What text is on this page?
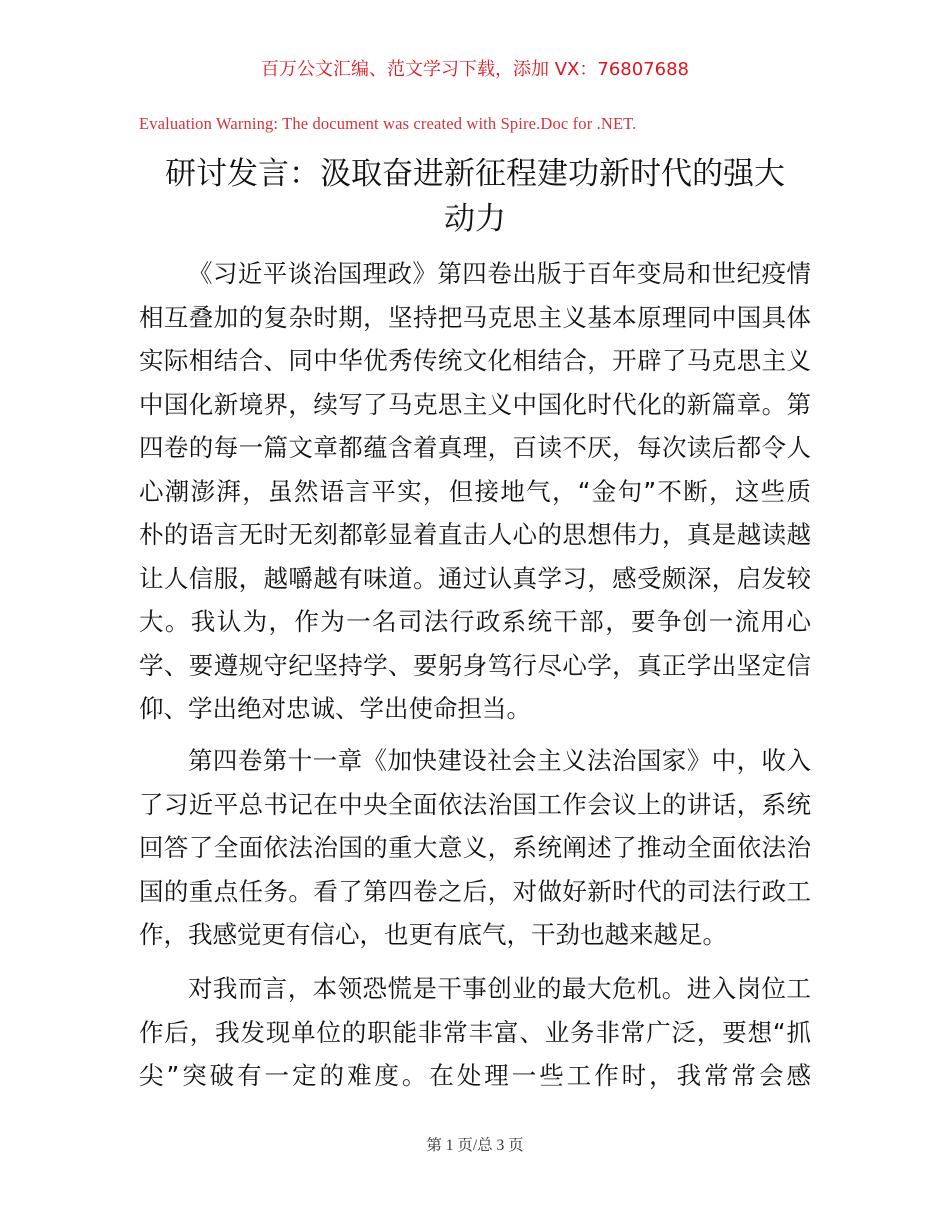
百万公文汇编、范文学习下载，添加 VX：76807688
Evaluation Warning: The document was created with Spire.Doc for .NET.
研讨发言：汲取奋进新征程建功新时代的强大
动力
《习近平谈治国理政》第四卷出版于百年变局和世纪疫情
相互叠加的复杂时期，坚持把马克思主义基本原理同中国具体
实际相结合、同中华优秀传统文化相结合，开辟了马克思主义
中国化新境界，续写了马克思主义中国化时代化的新篇章。第
四卷的每一篇文章都蕴含着真理，百读不厌，每次读后都令人
心潮澎湃，虽然语言平实，但接地气，“金句”不断，这些质
朴的语言无时无刻都彰显着直击人心的思想伟力，真是越读越
让人信服，越嚼越有味道。通过认真学习，感受颇深，启发较
大。我认为，作为一名司法行政系统干部，要争创一流用心
学、要遵规守纪坚持学、要躬身笃行尽心学，真正学出坚定信
仰、学出绝对忠诚、学出使命担当。
第四卷第十一章《加快建设社会主义法治国家》中，收入
了习近平总书记在中央全面依法治国工作会议上的讲话，系统
回答了全面依法治国的重大意义，系统阐述了推动全面依法治
国的重点任务。看了第四卷之后，对做好新时代的司法行政工
作，我感觉更有信心，也更有底气，干劲也越来越足。
对我而言，本领恐慌是干事创业的最大危机。进入岗位工
作后，我发现单位的职能非常丰富、业务非常广泛，要想“抓
尖”突破有一定的难度。在处理一些工作时，我常常会感
第 1 页/总 3 页
